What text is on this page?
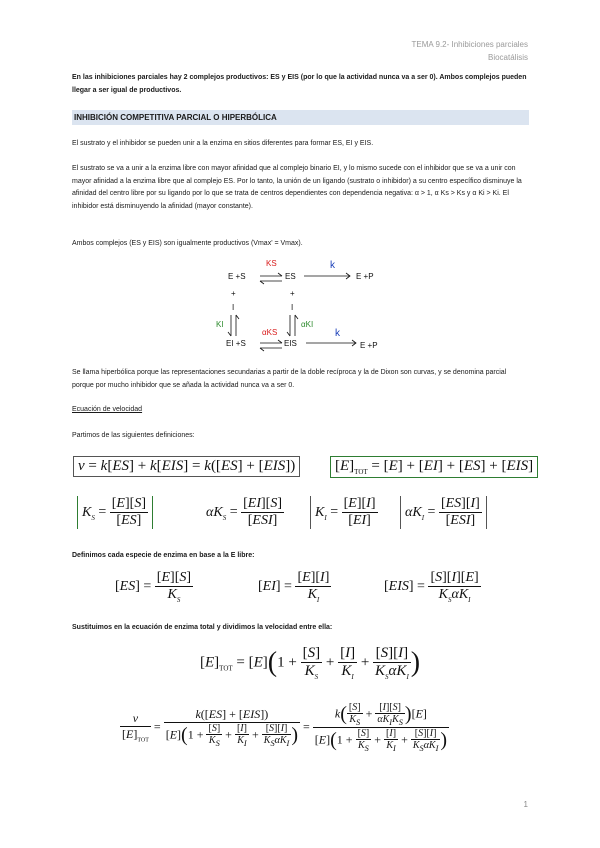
TEMA 9.2- Inhibiciones parciales
Biocatálisis
En las inhibiciones parciales hay 2 complejos productivos: ES y EIS (por lo que la actividad nunca va a ser 0). Ambos complejos pueden llegar a ser igual de productivos.
INHIBICIÓN COMPETITIVA PARCIAL O HIPERBÓLICA
El sustrato y el inhibidor se pueden unir a la enzima en sitios diferentes para formar ES, EI y EIS.
El sustrato se va a unir a la enzima libre con mayor afinidad que al complejo binario EI, y lo mismo sucede con el inhibidor que se va a unir con mayor afinidad a la enzima libre que al complejo ES. Por lo tanto, la unión de un ligando (sustrato o inhibidor) a su centro específico disminuye la afinidad del centro libre por su ligando por lo que se trata de centros dependientes con dependencia negativa: α > 1, α Ks > Ks y α Ki > Ki. El inhibidor está disminuyendo la afinidad (mayor constante).
Ambos complejos (ES y EIS) son igualmente productivos (Vmax' = Vmax).
E +S
KS
ES
k
E +P
+	+
I	I
KI	αKI
αKS
EI +S	EIS
k
E +P
Se llama hiperbólica porque las representaciones secundarias a partir de la doble recíproca y la de Dixon son curvas, y se denomina parcial porque por mucho inhibidor que se añada la actividad nunca va a ser 0.
Ecuación de velocidad
Partimos de las siguientes definiciones:
v = k[ES] + k[EIS] = k([ES] + [EIS])	$[E]_{TOT} = [E] + [EI] + [ES] + [EIS]$
$K_S = \frac{[E][S]}{[ES]}$	$\alpha K_S = \frac{[EI][S]}{\text{[ESI]}}$	$K_I = \frac{[E][I]}{[EI]}$	$\alpha K_I = \frac{[ES][I]}{\text{[ESI]}}$
Definimos cada especie de enzima en base a la E libre:
$[ES] = \frac{[E][S]}{K_S}$	$[EI] = \frac{[E][I]}{K_I}$	$[EIS] = \frac{[S][I][E]}{K_S\alpha K_I}$
Sustituimos en la ecuación de enzima total y dividimos la velocidad entre ella:
$[E]_{TOT} = [E](1 + \frac{[S]}{K_S} + \frac{[I]}{K_I} + \frac{[S][I]}{K_S\alpha K_I}$ )
$\frac{v}{[E]_{TOT}} = \frac{\text{k([ES] + [EIS])}}{[E](1 + \frac{[S]}{K_S} + \frac{[I]}{K_I} + \frac{[S][I]}{K_S\alpha K_I} )} = \frac{k( \frac{[S]}{K_S} + \frac{[I][S]}{\alpha K_IK_S} )[E]}{[E](1 + \frac{[S]}{K_S} + \frac{[I]}{K_I} + \frac{[S][I]}{K_S\alpha K_I} )}$
1
